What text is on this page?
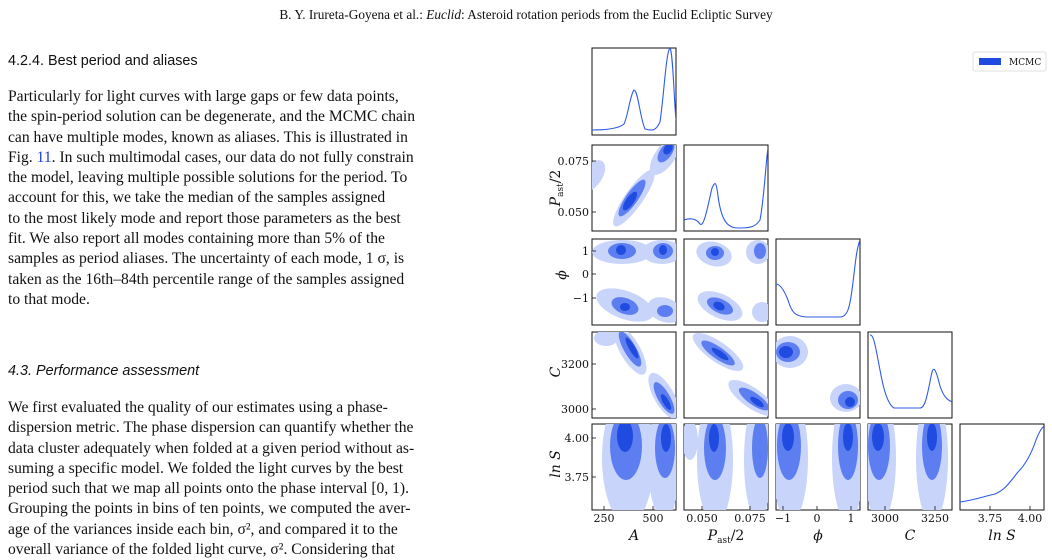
B. Y. Irureta-Goyena et al.: Euclid: Asteroid rotation periods from the Euclid Ecliptic Survey
4.2.4. Best period and aliases
Particularly for light curves with large gaps or few data points,
the spin-period solution can be degenerate, and the MCMC chain
can have multiple modes, known as aliases. This is illustrated in
Fig. 11. In such multimodal cases, our data do not fully constrain
the model, leaving multiple possible solutions for the period. To
account for this, we take the median of the samples assigned
to the most likely mode and report those parameters as the best
fit. We also report all modes containing more than 5% of the
samples as period aliases. The uncertainty of each mode, 1 σ, is
taken as the 16th–84th percentile range of the samples assigned
to that mode.
4.3. Performance assessment
We first evaluated the quality of our estimates using a phase-
dispersion metric. The phase dispersion can quantify whether the
data cluster adequately when folded at a given period without as-
suming a specific model. We folded the light curves by the best
period such that we map all points onto the phase interval [0, 1).
Grouping the points in bins of ten points, we computed the aver-
age of the variances inside each bin, σ², and compared it to the
overall variance of the folded light curve, σ². Considering that
MCMC
0.075
0.050
1
0
−1
3200
3000
4.00
3.75
250	500 0.050 0.075 −1 0 1 3000 3250	3.75 4.00
A	$P_{ast}/2$	ϕ	C	ln S
$P_{ast}/2$
ϕ
C
ln S
